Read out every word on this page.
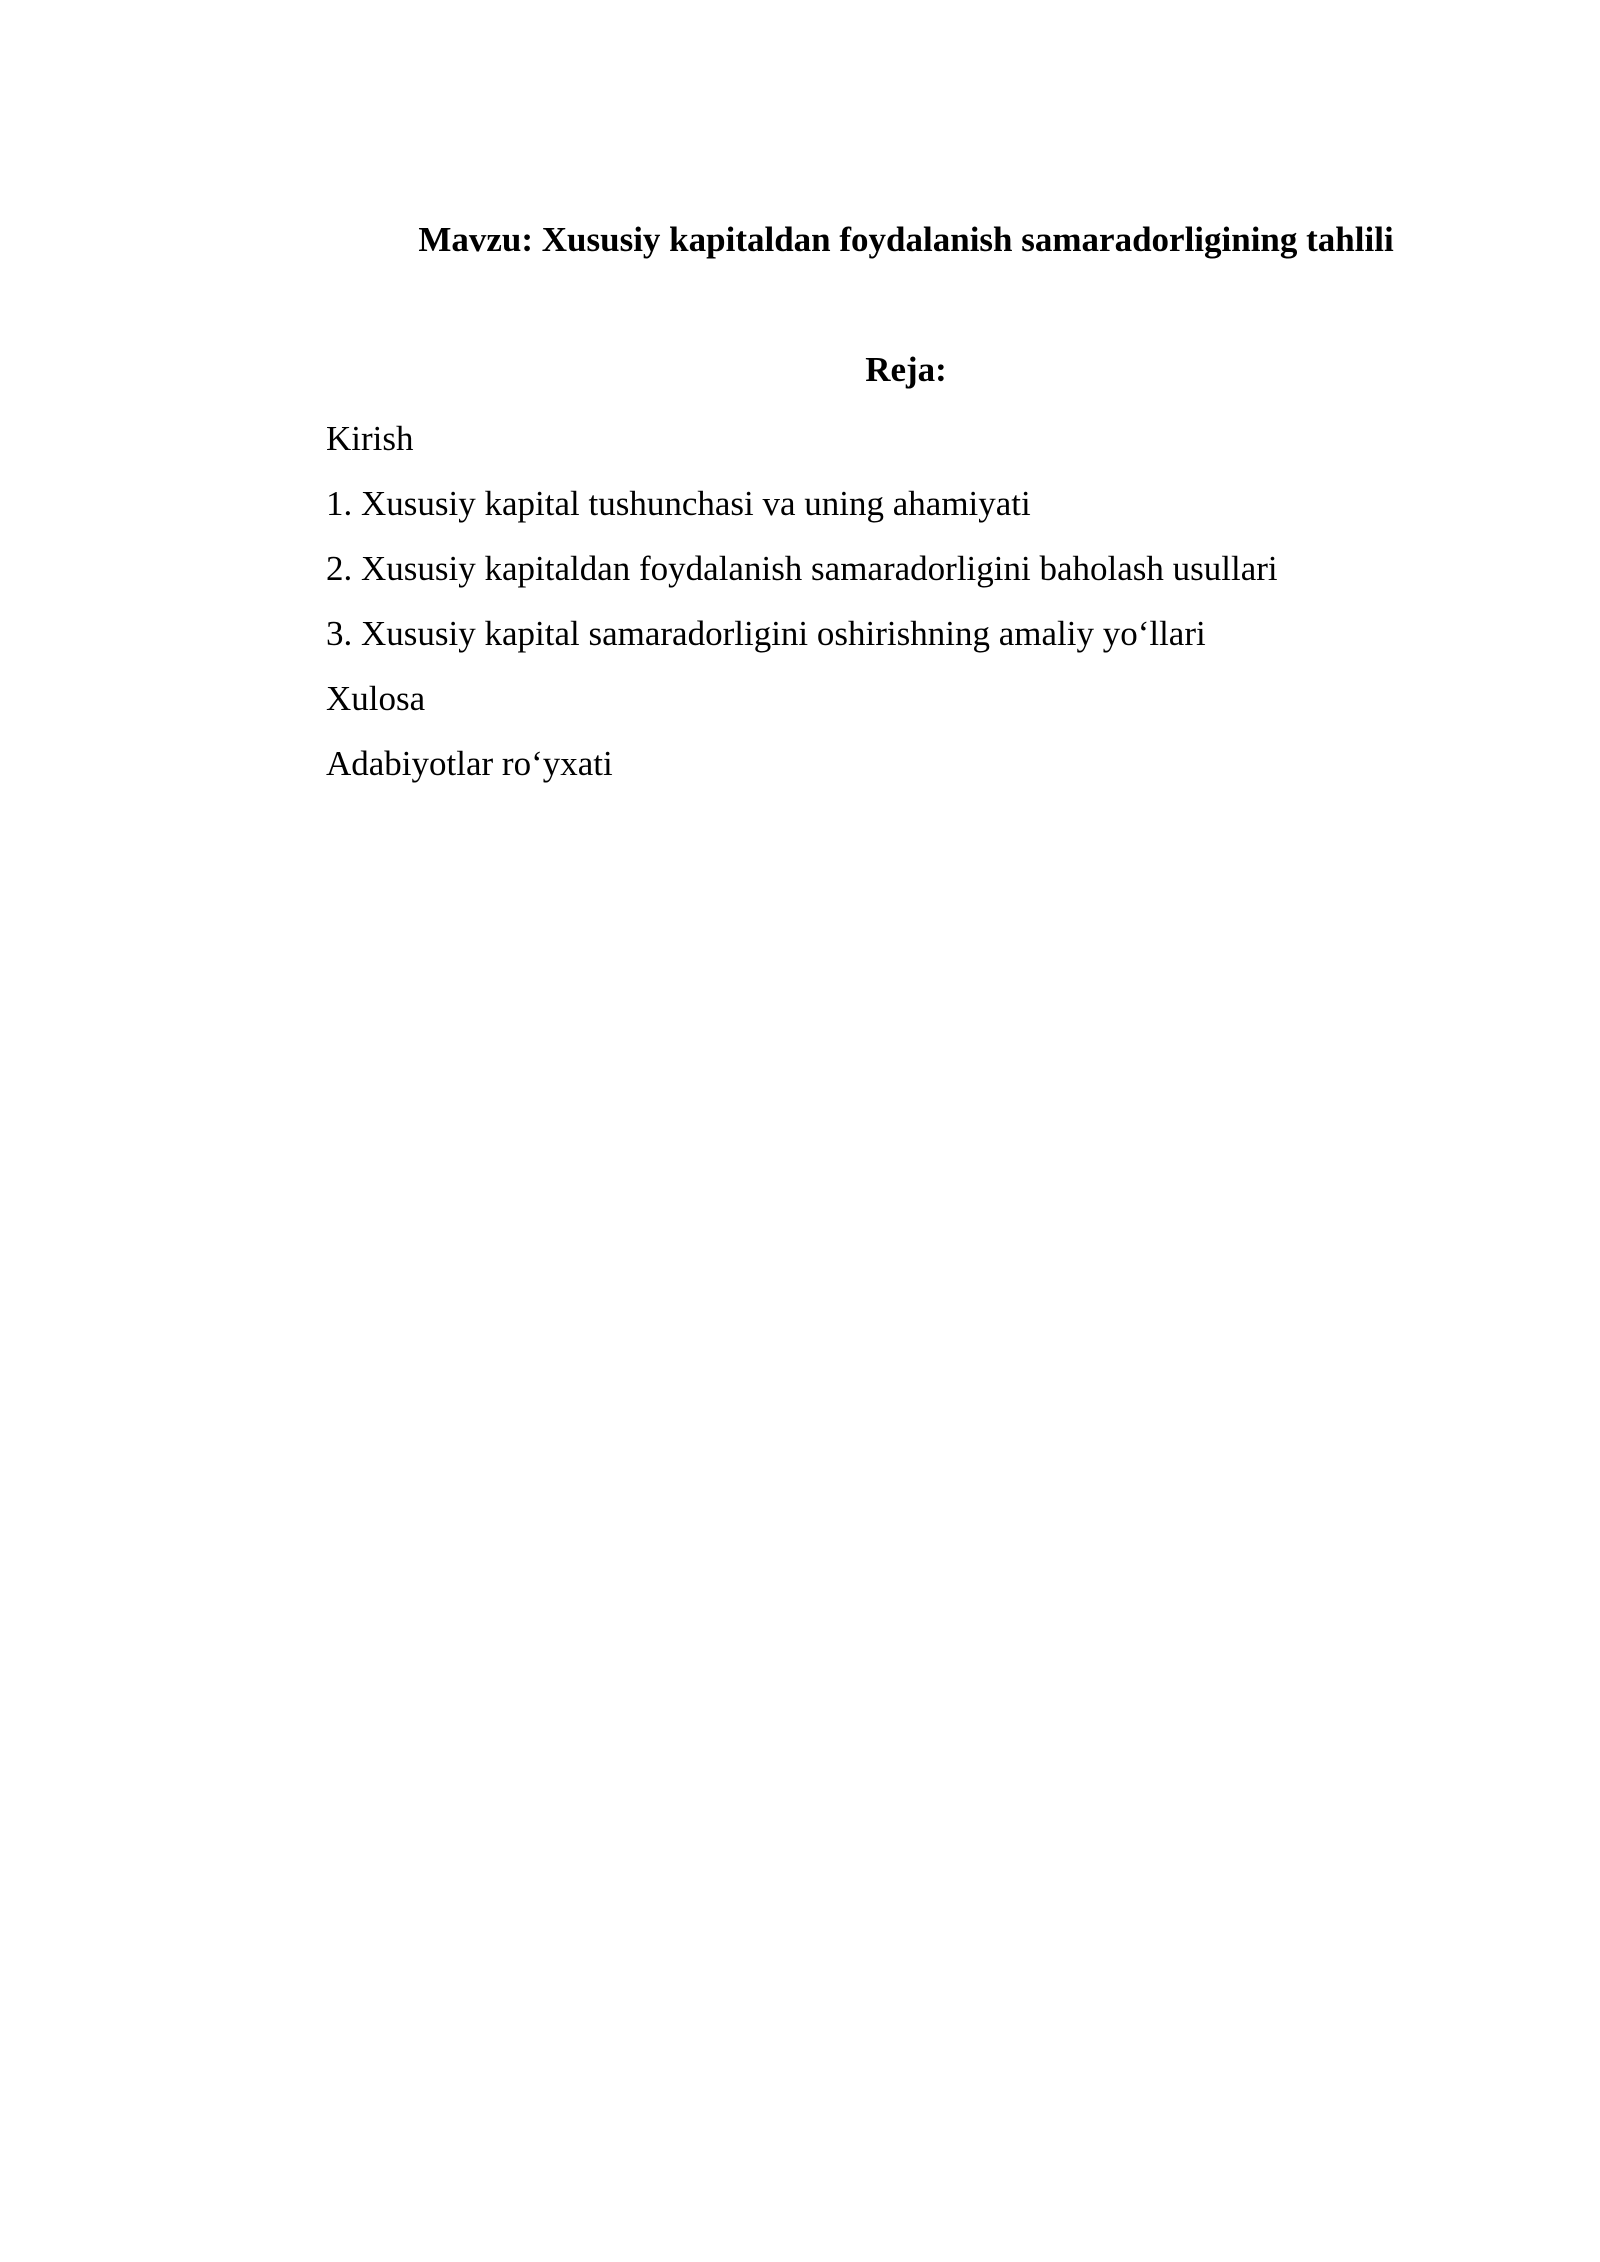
Mavzu: Xususiy kapitaldan foydalanish samaradorligining tahlili
Reja:
Kirish
1. Xususiy kapital tushunchasi va uning ahamiyati
2. Xususiy kapitaldan foydalanish samaradorligini baholash usullari
3. Xususiy kapital samaradorligini oshirishning amaliy yo‘llari
Xulosa
Adabiyotlar ro‘yxati
